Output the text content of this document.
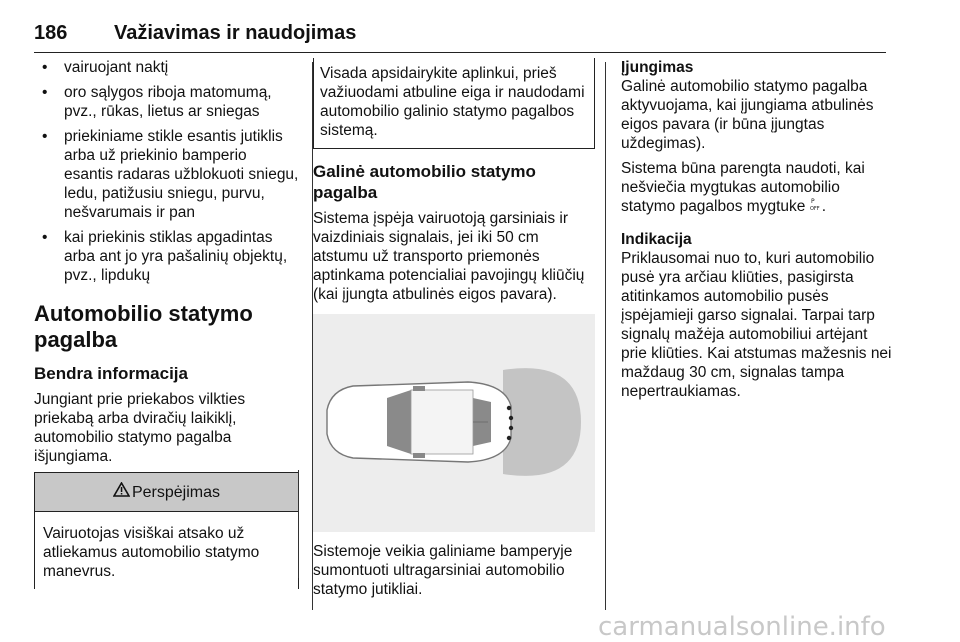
186 Važiavimas ir naudojimas
• vairuojant naktį
• oro sąlygos riboja matomumą, pvz., rūkas, lietus ar sniegas
• priekiniame stikle esantis jutiklis arba už priekinio bamperio esantis radaras užblokuoti sniegu, ledu, patižusiu sniegu, purvu, nešvarumais ir pan
• kai priekinis stiklas apgadintas arba ant jo yra pašalinių objektų, pvz., lipdukų
Automobilio statymo pagalba
Bendra informacija

Jungiant prie priekabos vilkties priekabą arba dviračių laikiklį, automobilio statymo pagalba išjungiama.

Perspėjimas
Vairuotojas visiškai atsako už atliekamus automobilio statymo manevrus.
Visada apsidairykite aplinkui, prieš važiuodami atbuline eiga ir naudodami automobilio galinio statymo pagalbos sistemą.
Galinė automobilio statymo pagalba

Sistema įspėja vairuotoją garsiniais ir vaizdiniais signalais, jei iki 50 cm atstumu už transporto priemonės aptinkama potencialiai pavojingų kliūčių (kai įjungta atbulinės eigos pavara).

Sistemoje veikia galiniame bamperyje sumontuoti ultragarsiniai automobilio statymo jutikliai.

Įjungimas

Galinė automobilio statymo pagalba aktyvuojama, kai įjungiama atbulinės eigos pavara (ir būna įjungtas uždegimas).

Sistema būna parengta naudoti, kai nešviečia mygtukas automobilio statymo pagalbos mygtuke P
OFF .

Indikacija

Priklausomai nuo to, kuri automobilio pusė yra arčiau kliūties, pasigirsta atitinkamos automobilio pusės įspėjamieji garso signalai. Tarpai tarp signalų mažėja automobiliui artėjant prie kliūties. Kai atstumas mažesnis nei maždaug 30 cm, signalas tampa nepertraukiamas.

carmanualsonline.info
